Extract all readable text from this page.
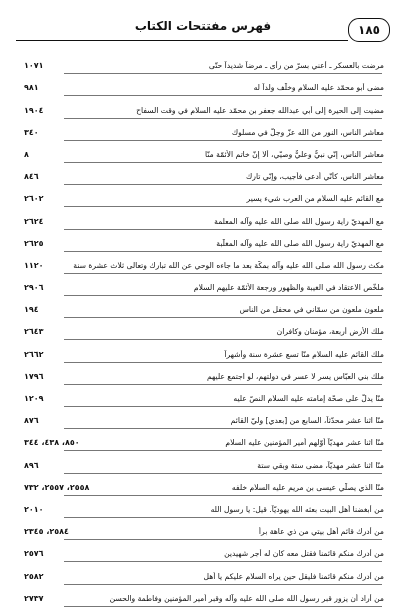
١٨٥
فهرس مفتتحات الكتاب
مرضت بالعسكر ـ أعني بسرّ من رأى ـ مرضاً شديداً حتّى
١٠٧١
مضى أبو محمّد عليه السلام وخلّف ولداً له
٩٨١
مضيت إلى الحيرة إلى أبي عبدالله جعفر بن محمّد عليه السلام في وقت السفاح
١٩٠٤
معاشر الناس، النور من الله عزّ وجلّ في مسلوك
٣٤٠
معاشر الناس، إنّي نبيٌّ وعليٌّ وصيّي، ألا إنّ خاتم الأئمّة منّا
٨
معاشر الناس، كأنّي أدعى فأجيب، وإنّي تارك
٨٤٦
مع القائم عليه السلام من العرب شيء يسير
٢٦٠٢
مع المهديّ راية رسول الله صلى الله عليه وآله المعلمة
٢٦٢٤
مع المهديّ راية رسول الله صلى الله عليه وآله المغلّبة
٢٦٢٥
مكث رسول الله صلى الله عليه وآله بمكّة بعد ما جاءه الوحي عن الله تبارك وتعالى ثلاث عشرة سنة
١١٢٠
ملخّص الاعتقاد في الغيبة والظهور ورجعة الأئمّة عليهم السلام
٢٩٠٦
ملعون ملعون من سمّاني في محفل من الناس
١٩٤
ملك الأرض أربعة، مؤمنان وكافران
٢٦٤٣
ملك القائم عليه السلام منّا تسع عشرة سنة وأشهراً
٢٦٦٢
ملك بني العبّاس يسر لا عسر في دولتهم، لو اجتمع عليهم
١٧٩٦
منّا يدلّ على صحّة إمامته عليه السلام النصّ عليه
١٢٠٩
منّا اثنا عشر محدّثاً، السابع من [بعدي] وليّ القائم
٨٧٦
منّا اثنا عشر مهديّاً أوّلهم أمير المؤمنين عليه السلام
٨٥٠، ٤٣٨، ٣٤٤
منّا اثنا عشر مهديّاً، مضى ستة وبقي ستة
٨٩٦
منّا الذي يصلّي عيسى بن مريم عليه السلام خلفه
٢٥٥٨، ٢٥٥٧، ٧٣٢
من أبغضنا أهل البيت بعثه الله يهوديّاً. قيل: يا رسول الله
٢٠١٠
من أدرك قائم أهل بيتي من ذي عاهة برأ
٢٥٨٤، ٢٣٤٥
من أدرك منكم قائمنا فقتل معه كان له أجر شهيدين
٢٥٧٦
من أدرك منكم قائمنا فليقل حين يراه السلام عليكم يا أهل
٢٥٨٢
من أراد أن يزور قبر رسول الله صلى الله عليه وآله وقبر أمير المؤمنين وفاطمة والحسن
٢٧٣٧
